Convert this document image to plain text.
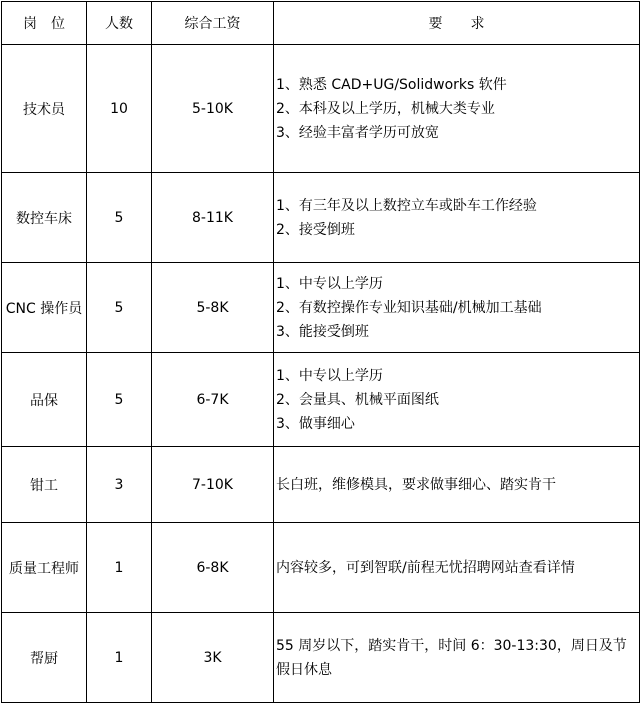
岗　位	人数	综合工资	要　　求
技术员	10	5-10K	1、熟悉 CAD+UG/Solidworks 软件
2、本科及以上学历，机械大类专业
3、经验丰富者学历可放宽

数控车床	5	8-11K	1、有三年及以上数控立车或卧车工作经验
2、接受倒班

CNC 操作员	5	5-8K	1、中专以上学历
2、有数控操作专业知识基础/机械加工基础
3、能接受倒班

品保	5	6-7K	1、中专以上学历
2、会量具、机械平面图纸
3、做事细心

钳工	3	7-10K	长白班，维修模具，要求做事细心、踏实肯干

质量工程师	1	6-8K	内容较多，可到智联/前程无忧招聘网站查看详情

帮厨	1	3K	55 周岁以下，踏实肯干，时间 6：30-13:30，周日及节假日休息
